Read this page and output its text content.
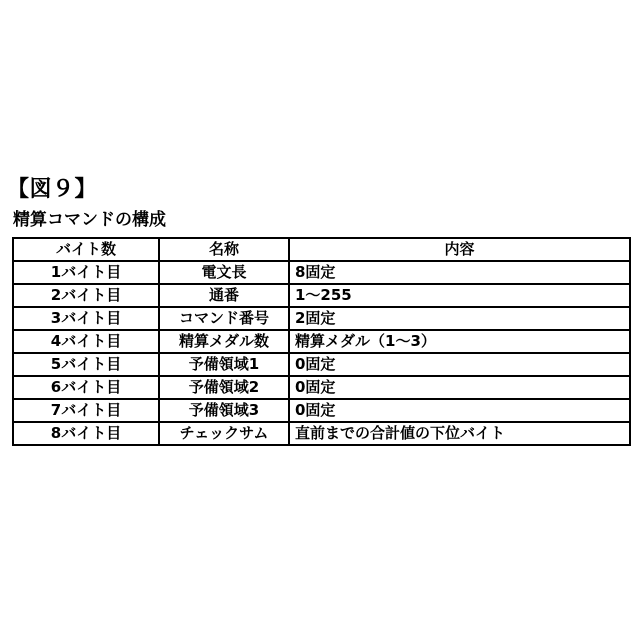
【図９】
精算コマンドの構成
バイト数	名称	内容
1バイト目	電文長	8固定
2バイト目	通番	1～255
3バイト目	コマンド番号	2固定
4バイト目	精算メダル数	精算メダル（1～3）
5バイト目	予備領域1	0固定
6バイト目	予備領域2	0固定
7バイト目	予備領域3	0固定
8バイト目	チェックサム	直前までの合計値の下位バイト
